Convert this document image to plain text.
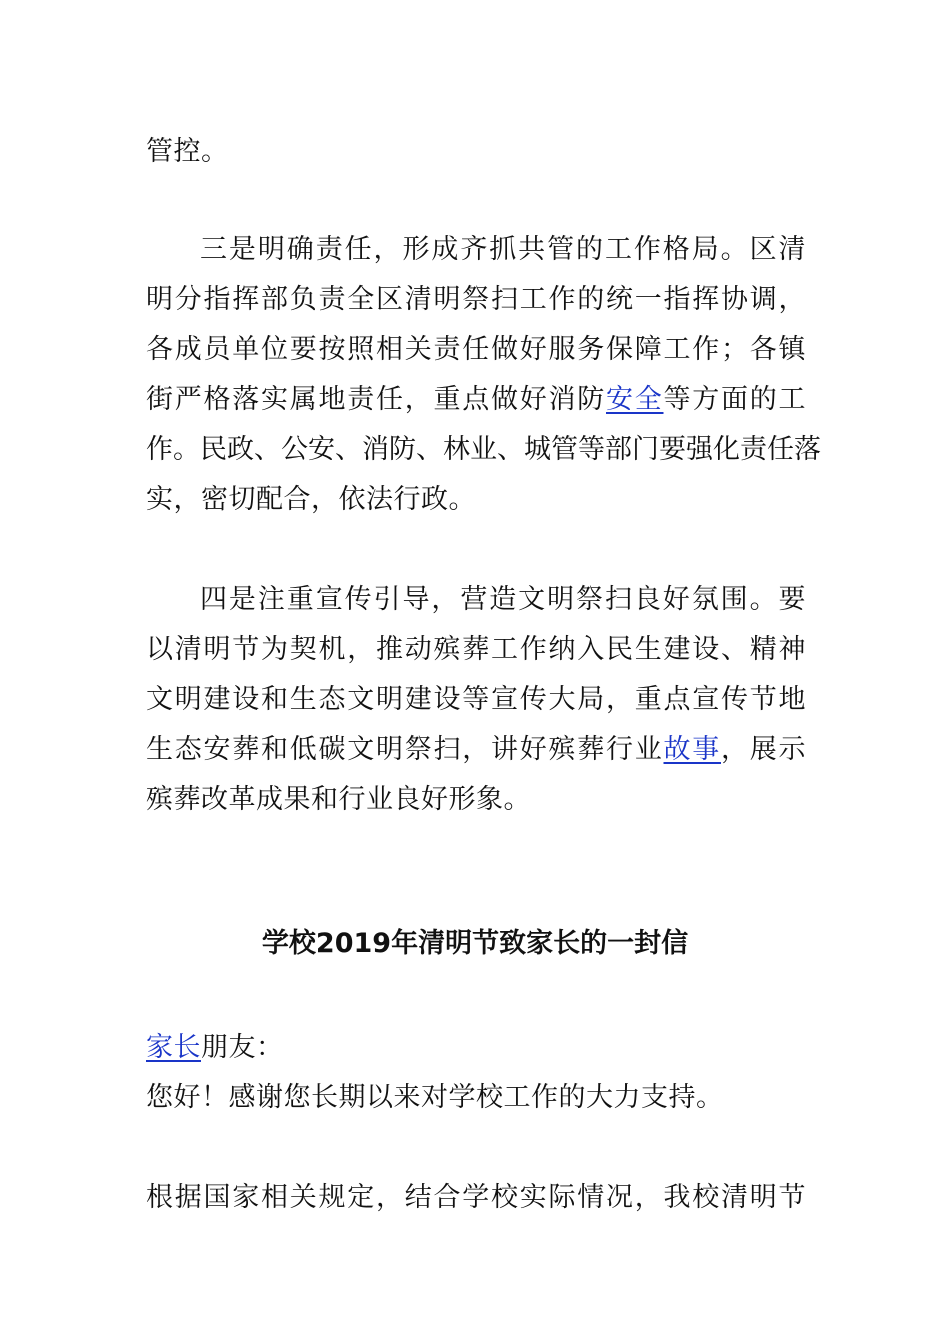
管控。
三是明确责任，形成齐抓共管的工作格局。区清
明分指挥部负责全区清明祭扫工作的统一指挥协调，
各成员单位要按照相关责任做好服务保障工作；各镇
街严格落实属地责任，重点做好消防安全等方面的工
作。民政、公安、消防、林业、城管等部门要强化责任落
实，密切配合，依法行政。
四是注重宣传引导，营造文明祭扫良好氛围。要
以清明节为契机，推动殡葬工作纳入民生建设、精神
文明建设和生态文明建设等宣传大局，重点宣传节地
生态安葬和低碳文明祭扫，讲好殡葬行业故事，展示
殡葬改革成果和行业良好形象。
学校2019年清明节致家长的一封信
家长朋友：
您好！感谢您长期以来对学校工作的大力支持。
根据国家相关规定，结合学校实际情况，我校清明节
